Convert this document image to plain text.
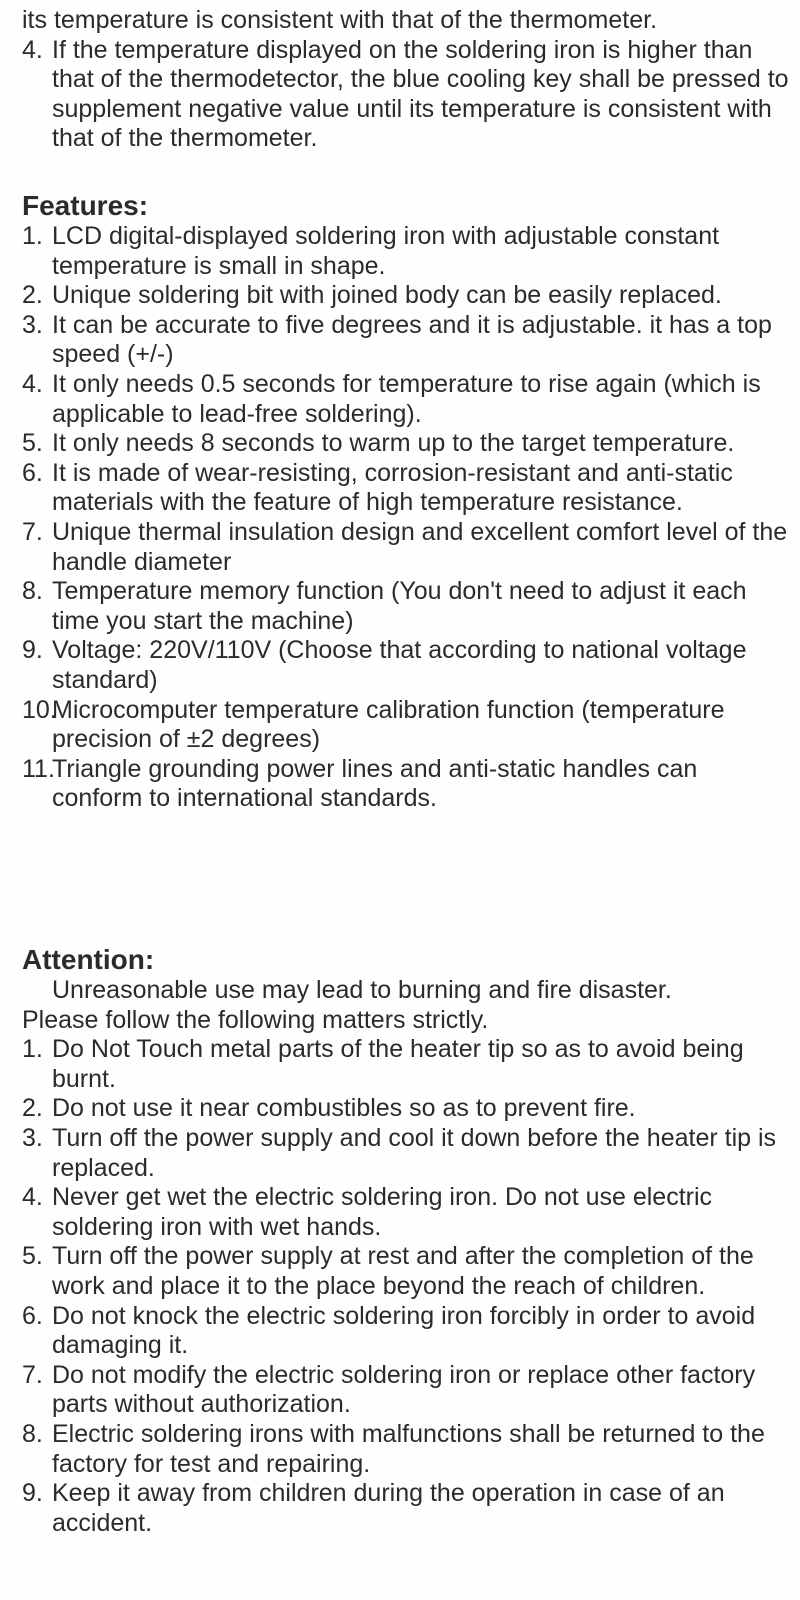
its temperature is consistent with that of the thermometer.
4. If the temperature displayed on the soldering iron is higher than that of the thermodetector, the blue cooling key shall be pressed to supplement negative value until its temperature is consistent with that of the thermometer.
Features:
1. LCD digital-displayed soldering iron with adjustable constant temperature is small in shape.
2. Unique soldering bit with joined body can be easily replaced.
3. It can be accurate to five degrees and it is adjustable. it has a top speed (+/-)
4. It only needs 0.5 seconds for temperature to rise again (which is applicable to lead-free soldering).
5. It only needs 8 seconds to warm up to the target temperature.
6. It is made of wear-resisting, corrosion-resistant and anti-static materials with the feature of high temperature resistance.
7. Unique thermal insulation design and excellent comfort level of the handle diameter
8. Temperature memory function (You don't need to adjust it each time you start the machine)
9. Voltage: 220V/110V (Choose that according to national voltage standard)
10.
Microcomputer temperature calibration function (temperature precision of ±2 degrees)
11.
Triangle grounding power lines and anti-static handles can conform to international standards.
Attention:
Unreasonable use may lead to burning and fire disaster.
Please follow the following matters strictly.
1. Do Not Touch metal parts of the heater tip so as to avoid being burnt.
2. Do not use it near combustibles so as to prevent fire.
3. Turn off the power supply and cool it down before the heater tip is replaced.
4. Never get wet the electric soldering iron. Do not use electric soldering iron with wet hands.
5. Turn off the power supply at rest and after the completion of the work and place it to the place beyond the reach of children.
6. Do not knock the electric soldering iron forcibly in order to avoid damaging it.
7. Do not modify the electric soldering iron or replace other factory parts without authorization.
8. Electric soldering irons with malfunctions shall be returned to the factory for test and repairing.
9. Keep it away from children during the operation in case of an accident.
